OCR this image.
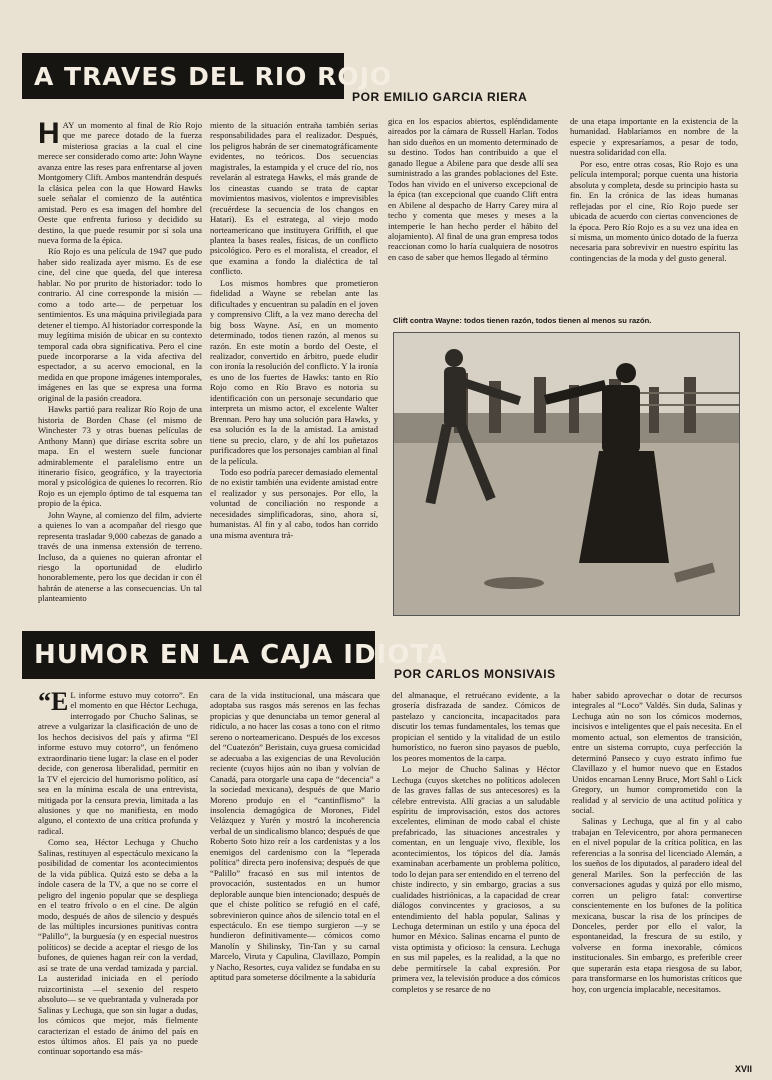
A TRAVES DEL RIO ROJO
POR EMILIO GARCIA RIERA
H AY un momento al final de Río Rojo que me parece dotado de la fuerza misteriosa gracias a la cual el cine merece ser considerado como arte: John Wayne avanza entre las reses para enfrentarse al joven Montgomery Clift. Ambos mantendrán después la clásica pelea con la que Howard Hawks suele señalar el comienzo de la auténtica amistad. Pero es esa imagen del hombre del Oeste que enfrenta furioso y decidido su destino, la que puede resumir por sí sola una nueva forma de la épica.

Río Rojo es una película de 1947 que pudo haber sido realizada ayer mismo. Es de ese cine, del cine que queda, del que interesa hablar. No por prurito de historiador: todo lo contrario. Al cine corresponde la misión —como a todo arte— de perpetuar los sentimientos. Es una máquina privilegiada para detener el tiempo. Al historiador corresponde la muy legítima misión de ubicar en su contexto temporal cada obra significativa. Pero el cine puede incorporarse a la vida afectiva del espectador, a su acervo emocional, en la medida en que propone imágenes intemporales, imágenes en las que se expresa una forma original de la pasión creadora.

Hawks partió para realizar Río Rojo de una historia de Borden Chase (el mismo de Winchester 73 y otras buenas películas de Anthony Mann) que diríase escrita sobre un mapa. En el western suele funcionar admirablemente el paralelismo entre un itinerario físico, geográfico, y la trayectoria moral y psicológica de quienes lo recorren. Río Rojo es un ejemplo óptimo de tal esquema tan propio de la épica.

John Wayne, al comienzo del film, advierte a quienes lo van a acompañar del riesgo que representa trasladar 9,000 cabezas de ganado a través de una inmensa extensión de terreno. Incluso, da a quienes no quieran afrontar el riesgo la oportunidad de eludirlo honorablemente, pero los que decidan ir con él habrán de atenerse a las consecuencias. Un tal planteamiento

miento de la situación entraña también serias responsabilidades para el realizador. Después, los peligros habrán de ser cinematográficamente evidentes, no teóricos. Dos secuencias magistrales, la estampida y el cruce del río, nos revelarán al estratega Hawks, el más grande de los cineastas cuando se trata de captar movimientos masivos, violentos e imprevisibles (recuérdese la secuencia de los changos en Hatari). Es el estratega, al viejo modo norteamericano que instituyera Griffith, el que plantea la bases reales, físicas, de un conflicto psicológico. Pero es el moralista, el creador, el que examina a fondo la dialéctica de tal conflicto.

Los mismos hombres que prometieron fidelidad a Wayne se rebelan ante las dificultades y encuentran su paladín en el joven y comprensivo Clift, a la vez mano derecha del big boss Wayne. Así, en un momento determinado, todos tienen razón, al menos su razón. En este motín a bordo del Oeste, el realizador, convertido en árbitro, puede eludir con ironía la resolución del conflicto. Y la ironía es uno de los fuertes de Hawks: tanto en Río Rojo como en Río Bravo es notoria su identificación con un personaje secundario que interpreta un mismo actor, el excelente Walter Brennan. Pero hay una solución para Hawks, y esa solución es la de la amistad. La amistad tiene su precio, claro, y de ahí los puñetazos purificadores que los personajes cambian al final de la película.

Todo eso podría parecer demasiado elemental de no existir también una evidente amistad entre el realizador y sus personajes. Por ello, la voluntad de conciliación no responde a necesidades simplificadoras, sino, ahora sí, humanistas. Al fin y al cabo, todos han corrido una misma aventura trá-

gica en los espacios abiertos, espléndidamente aireados por la cámara de Russell Harlan. Todos han sido dueños en un momento determinado de su destino. Todos han contribuido a que el ganado llegue a Abilene para que desde allí sea suministrado a las grandes poblaciones del Este. Todos han vivido en el universo excepcional de la épica (tan excepcional que cuando Clift entra en Abilene al despacho de Harry Carey mira al techo y comenta que meses y meses a la intemperie le han hecho perder el hábito del alojamiento). Al final de una gran empresa todos reaccionan como lo haría cualquiera de nosotros en caso de saber que hemos llegado al término

de una etapa importante en la existencia de la humanidad. Hablaríamos en nombre de la especie y expresaríamos, a pesar de todo, nuestra solidaridad con ella.

Por eso, entre otras cosas, Río Rojo es una película intemporal; porque cuenta una historia absoluta y completa, desde su principio hasta su fin. En la crónica de las ideas humanas reflejadas por el cine, Río Rojo puede ser ubicada de acuerdo con ciertas convenciones de la época. Pero Río Rojo es a su vez una idea en sí misma, un momento único dotado de la fuerza necesaria para sobrevivir en nuestro espíritu las contingencias de la moda y del gusto general.

Clift contra Wayne: todos tienen razón, todos tienen al menos su razón.
HUMOR EN LA CAJA IDIOTA
POR CARLOS MONSIVAIS
“E L informe estuvo muy cotorro”. En el momento en que Héctor Lechuga, interrogado por Chucho Salinas, se atreve a vulgarizar la clasificación de uno de los hechos decisivos del país y afirma “El informe estuvo muy cotorro”, un fenómeno extraordinario tiene lugar: la clase en el poder decide, con generosa liberalidad, permitir en la TV el ejercicio del humorismo político, así sea en la mínima escala de una entrevista, mitigada por la censura previa, limitada a las alusiones y que no manifiesta, en modo alguno, el contexto de una crítica profunda y radical.

Como sea, Héctor Lechuga y Chucho Salinas, restituyen al espectáculo mexicano la posibilidad de comentar los acontecimientos de la vida pública. Quizá esto se deba a la índole casera de la TV, a que no se corre el peligro del ingenio popular que se despliega en el teatro frívolo o en el cine. De algún modo, después de años de silencio y después de las múltiples incursiones punitivas contra “Palillo”, la burguesía (y en especial nuestros políticos) se decide a aceptar el riesgo de los bufones, de quienes hagan reír con la verdad, así se trate de una verdad tamizada y parcial. La austeridad iniciada en el período ruizcortinista —el sexenio del respeto absoluto— se ve quebrantada y vulnerada por Salinas y Lechuga, que son sin lugar a dudas, los cómicos que mejor, más fielmente caracterizan el estado de ánimo del país en estos últimos años. El país ya no puede continuar soportando esa más-

cara de la vida institucional, una máscara que adoptaba sus rasgos más serenos en las fechas propicias y que denunciaba un temor general al ridículo, a no hacer las cosas a tono con el ritmo sereno o norteamericano. Después de los excesos del “Cuatezón” Beristain, cuya gruesa comicidad se adecuaba a las exigencias de una Revolución reciente (cuyos hijos aún no iban y volvían de Canadá, para otorgarle una capa de “decencia” a la sociedad mexicana), después de que Mario Moreno produjo en el “cantinflismo” la insolencia demagógica de Morones, Fidel Velázquez y Yurén y mostró la incoherencia verbal de un sindicalismo blanco; después de que Roberto Soto hizo reír a los cardenistas y a los enemigos del cardenismo con la “leperada política” directa pero inofensiva; después de que “Palillo” fracasó en sus mil intentos de provocación, sustentados en un humor deplorable aunque bien intencionado; después de que el chiste político se refugió en el café, sobrevinieron quince años de silencio total en el espectáculo. En ese tiempo surgieron —y se hundieron definitivamente— cómicos como Manolín y Shilinsky, Tin-Tan y su carnal Marcelo, Viruta y Capulina, Clavillazo, Pompín y Nacho, Resortes, cuya validez se fundaba en su aptitud para someterse dócilmente a la sabiduría

del almanaque, el retruécano evidente, a la grosería disfrazada de sandez. Cómicos de pastelazo y cancioncita, incapacitados para discutir los temas fundamentales, los temas que propician el sentido y la vitalidad de un estilo humorístico, no fueron sino payasos de pueblo, los peores momentos de la carpa.

Lo mejor de Chucho Salinas y Héctor Lechuga (cuyos sketches no políticos adolecen de las graves fallas de sus antecesores) es la célebre entrevista. Allí gracias a un saludable espíritu de improvisación, estos dos actores excelentes, eliminan de modo cabal el chiste prefabricado, las situaciones ancestrales y comentan, en un lenguaje vivo, flexible, los acontecimientos, los tópicos del día. Jamás examinaban acerbamente un problema político, todo lo dejan para ser entendido en el terreno del chiste indirecto, y sin embargo, gracias a sus cualidades histriónicas, a la capacidad de crear diálogos convincentes y graciosos, a su entendimiento del habla popular, Salinas y Lechuga determinan un estilo y una época del humor en México. Salinas encarna el punto de vista optimista y oficioso: la censura. Lechuga en sus mil papeles, es la realidad, a la que no debe permitírsele la cabal expresión. Por primera vez, la televisión produce a dos cómicos completos y se resarce de no

haber sabido aprovechar o dotar de recursos integrales al “Loco” Valdés. Sin duda, Salinas y Lechuga aún no son los cómicos modernos, incisivos e inteligentes que el país necesita. En el momento actual, son elementos de transición, entre un sistema corrupto, cuya perfección la determinó Panseco y cuyo estrato ínfimo fue Clavillazo y el humor nuevo que en Estados Unidos encarnan Lenny Bruce, Mort Sahl o Lick Gregory, un humor comprometido con la realidad y al servicio de una actitud política y social.

Salinas y Lechuga, que al fin y al cabo trabajan en Televicentro, por ahora permanecen en el nivel popular de la crítica política, en las referencias a la sonrisa del licenciado Alemán, a los sueños de los diputados, al paradero ideal del general Mariles. Son la perfección de las conversaciones agudas y quizá por ello mismo, corren un peligro fatal: convertirse conscientemente en los bufones de la política mexicana, buscar la risa de los príncipes de Donceles, perder por ello el valor, la espontaneidad, la frescura de su estilo, y volverse en forma inexorable, cómicos institucionales. Sin embargo, es preferible creer que superarán esta etapa riesgosa de su labor, para transformarse en los humoristas críticos que hoy, con urgencia implacable, necesitamos.

XVII
